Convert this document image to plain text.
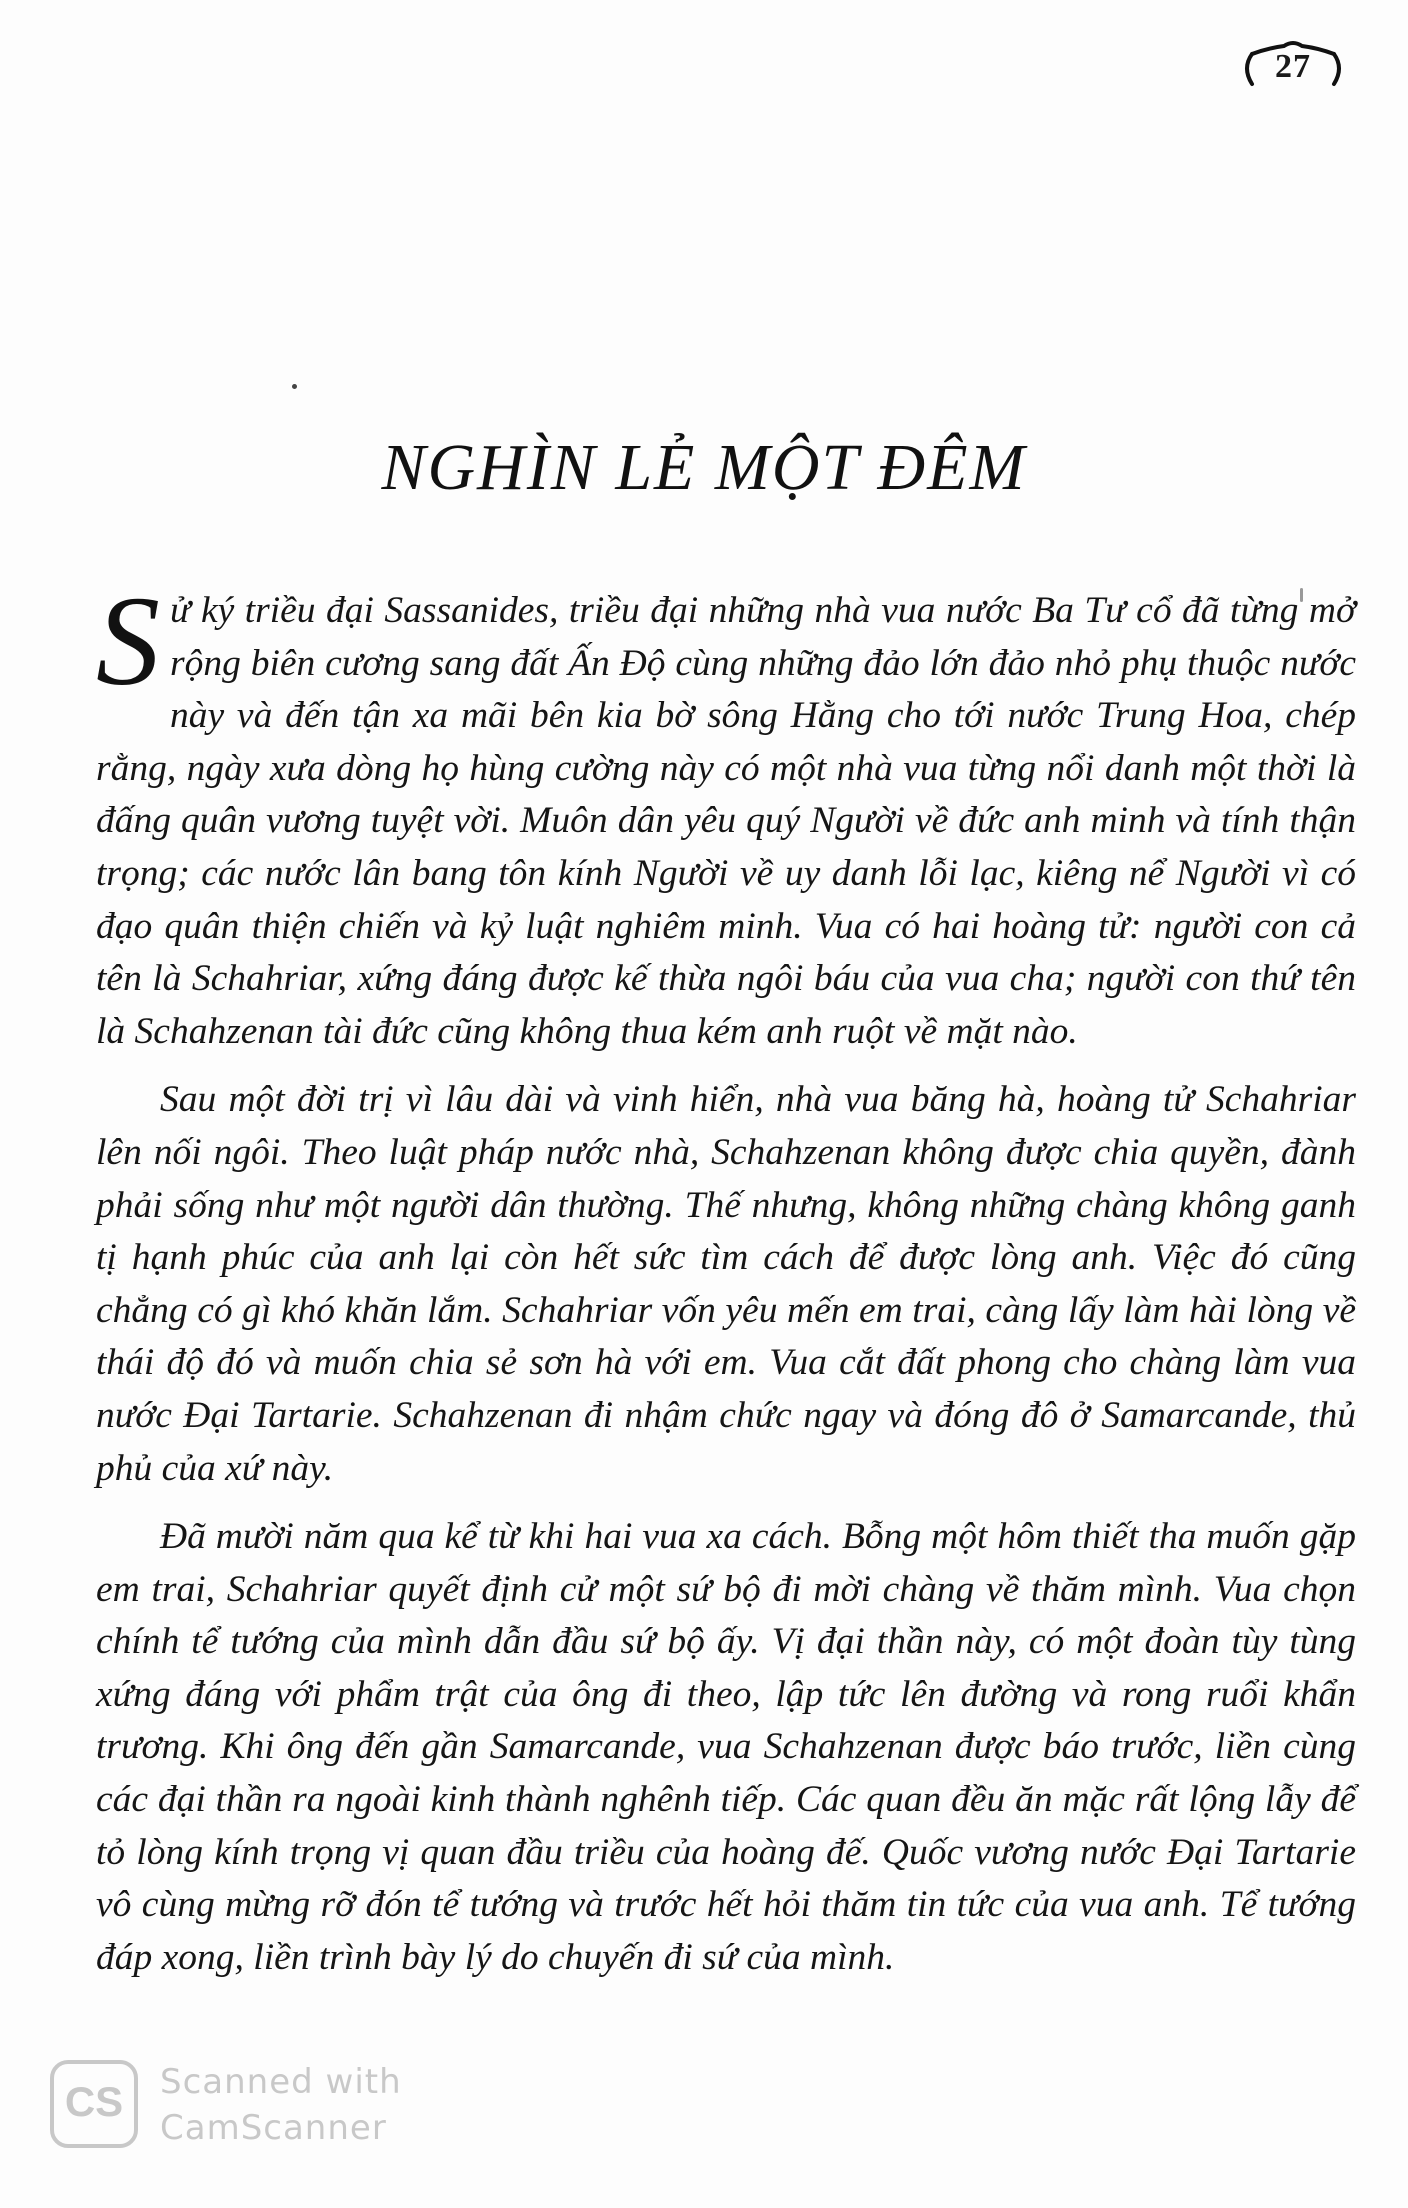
27
NGHÌN LẺ MỘT ĐÊM

Sử ký triều đại Sassanides, triều đại những nhà vua nước Ba Tư cổ đã từng mở rộng biên cương sang đất Ấn Độ cùng những đảo lớn đảo nhỏ phụ thuộc nước này và đến tận xa mãi bên kia bờ sông Hằng cho tới nước Trung Hoa, chép rằng, ngày xưa dòng họ hùng cường này có một nhà vua từng nổi danh một thời là đấng quân vương tuyệt vời. Muôn dân yêu quý Người về đức anh minh và tính thận trọng; các nước lân bang tôn kính Người về uy danh lỗi lạc, kiêng nể Người vì có đạo quân thiện chiến và kỷ luật nghiêm minh. Vua có hai hoàng tử: người con cả tên là Schahriar, xứng đáng được kế thừa ngôi báu của vua cha; người con thứ tên là Schahzenan tài đức cũng không thua kém anh ruột về mặt nào.

Sau một đời trị vì lâu dài và vinh hiển, nhà vua băng hà, hoàng tử Schahriar lên nối ngôi. Theo luật pháp nước nhà, Schahzenan không được chia quyền, đành phải sống như một người dân thường. Thế nhưng, không những chàng không ganh tị hạnh phúc của anh lại còn hết sức tìm cách để được lòng anh. Việc đó cũng chẳng có gì khó khăn lắm. Schahriar vốn yêu mến em trai, càng lấy làm hài lòng về thái độ đó và muốn chia sẻ sơn hà với em. Vua cắt đất phong cho chàng làm vua nước Đại Tartarie. Schahzenan đi nhậm chức ngay và đóng đô ở Samarcande, thủ phủ của xứ này.

Đã mười năm qua kể từ khi hai vua xa cách. Bỗng một hôm thiết tha muốn gặp em trai, Schahriar quyết định cử một sứ bộ đi mời chàng về thăm mình. Vua chọn chính tể tướng của mình dẫn đầu sứ bộ ấy. Vị đại thần này, có một đoàn tùy tùng xứng đáng với phẩm trật của ông đi theo, lập tức lên đường và rong ruổi khẩn trương. Khi ông đến gần Samarcande, vua Schahzenan được báo trước, liền cùng các đại thần ra ngoài kinh thành nghênh tiếp. Các quan đều ăn mặc rất lộng lẫy để tỏ lòng kính trọng vị quan đầu triều của hoàng đế. Quốc vương nước Đại Tartarie vô cùng mừng rỡ đón tể tướng và trước hết hỏi thăm tin tức của vua anh. Tể tướng đáp xong, liền trình bày lý do chuyến đi sứ của mình.

CS	Scanned with
CamScanner
